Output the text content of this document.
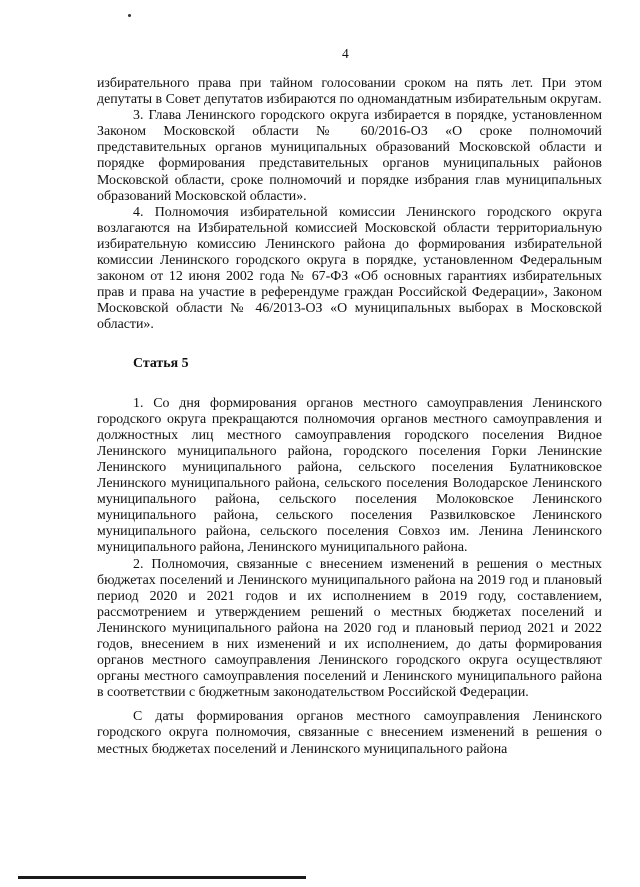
4

избирательного права при тайном голосовании сроком на пять лет. При этом депутаты в Совет депутатов избираются по одномандатным избирательным округам.

3. Глава Ленинского городского округа избирается в порядке, установленном Законом Московской области № 60/2016-ОЗ «О сроке полномочий представительных органов муниципальных образований Московской области и порядке формирования представительных органов муниципальных районов Московской области, сроке полномочий и порядке избрания глав муниципальных образований Московской области».

4. Полномочия избирательной комиссии Ленинского городского округа возлагаются на Избирательной комиссией Московской области территориальную избирательную комиссию Ленинского района до формирования избирательной комиссии Ленинского городского округа в порядке, установленном Федеральным законом от 12 июня 2002 года № 67-ФЗ «Об основных гарантиях избирательных прав и права на участие в референдуме граждан Российской Федерации», Законом Московской области № 46/2013-ОЗ «О муниципальных выборах в Московской области».

Статья 5

1. Со дня формирования органов местного самоуправления Ленинского городского округа прекращаются полномочия органов местного самоуправления и должностных лиц местного самоуправления городского поселения Видное Ленинского муниципального района, городского поселения Горки Ленинские Ленинского муниципального района, сельского поселения Булатниковское Ленинского муниципального района, сельского поселения Володарское Ленинского муниципального района, сельского поселения Молоковское Ленинского муниципального района, сельского поселения Развилковское Ленинского муниципального района, сельского поселения Совхоз им. Ленина Ленинского муниципального района, Ленинского муниципального района.

2. Полномочия, связанные с внесением изменений в решения о местных бюджетах поселений и Ленинского муниципального района на 2019 год и плановый период 2020 и 2021 годов и их исполнением в 2019 году, составлением, рассмотрением и утверждением решений о местных бюджетах поселений и Ленинского муниципального района на 2020 год и плановый период 2021 и 2022 годов, внесением в них изменений и их исполнением, до даты формирования органов местного самоуправления Ленинского городского округа осуществляют органы местного самоуправления поселений и Ленинского муниципального района в соответствии с бюджетным законодательством Российской Федерации.

С даты формирования органов местного самоуправления Ленинского городского округа полномочия, связанные с внесением изменений в решения о местных бюджетах поселений и Ленинского муниципального района
